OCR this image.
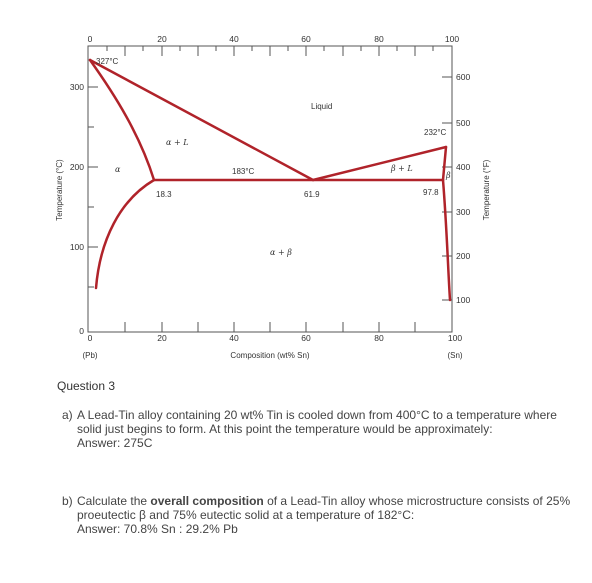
0	20	40	60	80	100
0	20	40	60	80	100
0
100
200
300
100
200
300
400
500
600
Temperature (°C)	Temperature (°F)
Composition (wt% Sn)
(Pb)	(Sn)
327°C
232°C
183°C
18.3	61.9	97.8
Liquid
α + L
β + L
α
β
α + β
Question 3
a) A Lead-Tin alloy containing 20 wt% Tin is cooled down from 400°C to a temperature where solid just begins to form. At this point the temperature would be approximately:
Answer: 275C
b) Calculate the overall composition of a Lead-Tin alloy whose microstructure consists of 25% proeutectic β and 75% eutectic solid at a temperature of 182°C:
Answer: 70.8% Sn : 29.2% Pb
